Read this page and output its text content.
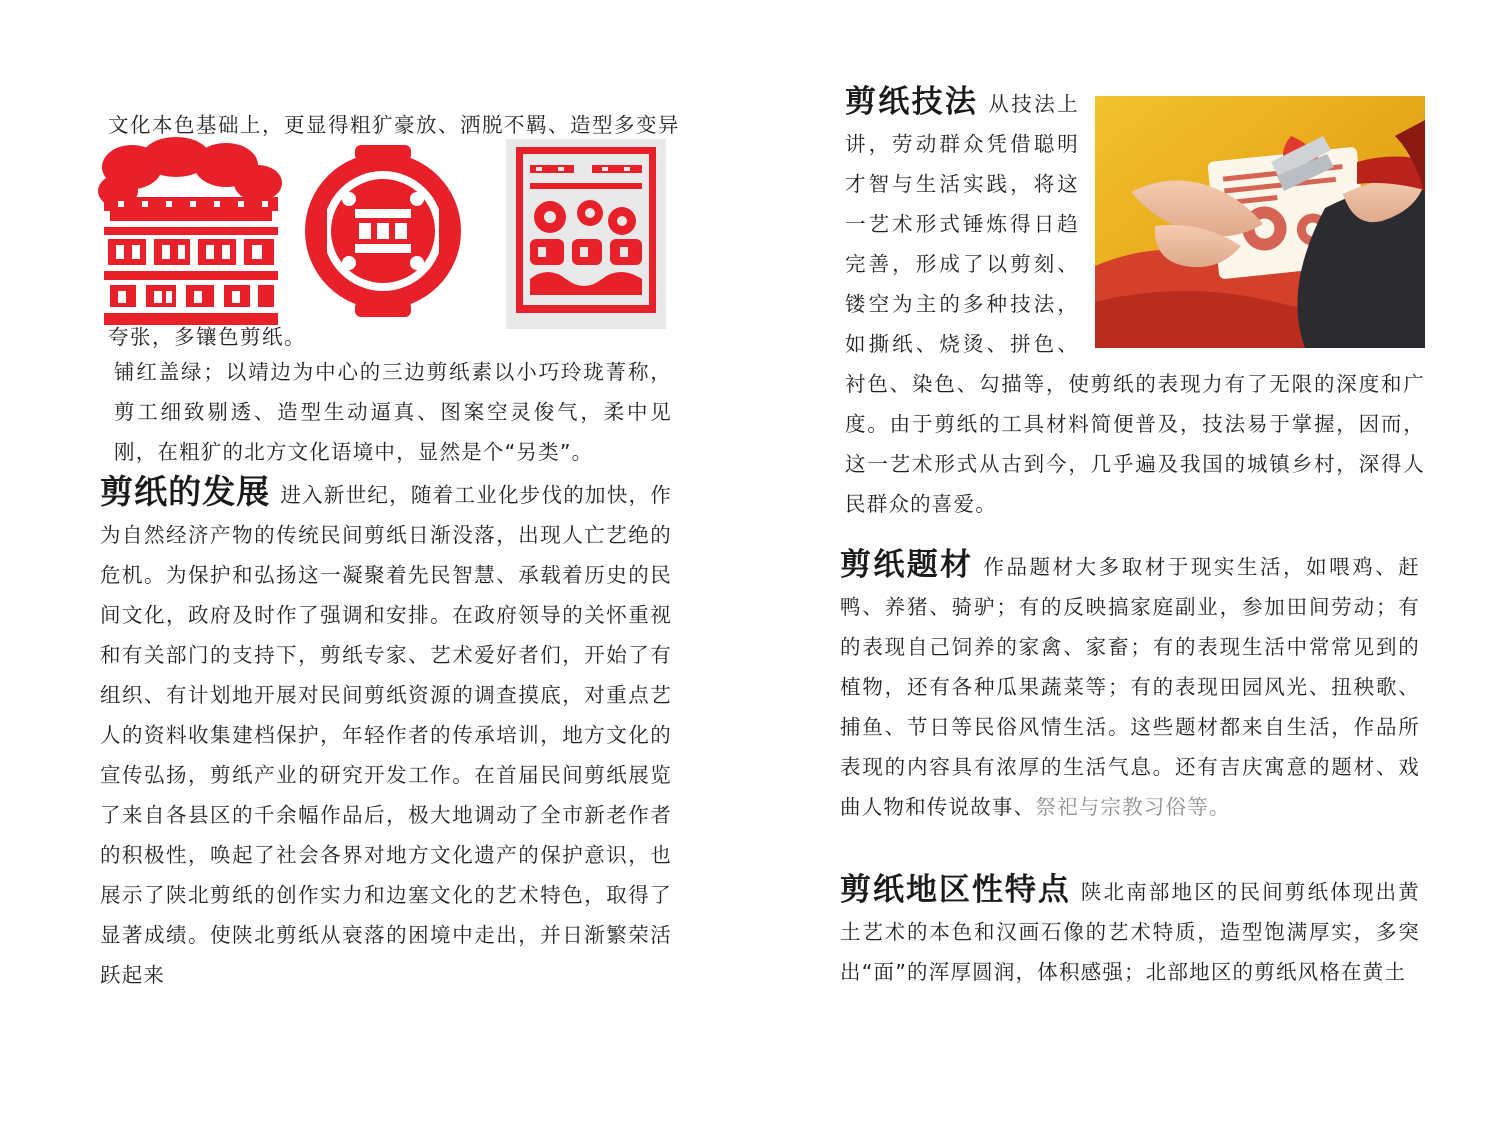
文化本色基础上，更显得粗犷豪放、洒脱不羁、造型多变异
夸张，多镶色剪纸。

铺红盖绿；以靖边为中心的三边剪纸素以小巧玲珑菁称，剪工细致剔透、造型生动逼真、图案空灵俊气，柔中见刚，在粗犷的北方文化语境中，显然是个“另类”。

剪纸的发展 进入新世纪，随着工业化步伐的加快，作为自然经济产物的传统民间剪纸日渐没落，出现人亡艺绝的危机。为保护和弘扬这一凝聚着先民智慧、承载着历史的民间文化，政府及时作了强调和安排。在政府领导的关怀重视和有关部门的支持下，剪纸专家、艺术爱好者们，开始了有组织、有计划地开展对民间剪纸资源的调查摸底，对重点艺人的资料收集建档保护，年轻作者的传承培训，地方文化的宣传弘扬，剪纸产业的研究开发工作。在首届民间剪纸展览了来自各县区的千余幅作品后，极大地调动了全市新老作者的积极性，唤起了社会各界对地方文化遗产的保护意识，也展示了陕北剪纸的创作实力和边塞文化的艺术特色，取得了显著成绩。使陕北剪纸从衰落的困境中走出，并日渐繁荣活跃起来

剪纸技法 从技法上讲，劳动群众凭借聪明才智与生活实践，将这一艺术形式锤炼得日趋完善，形成了以剪刻、镂空为主的多种技法，如撕纸、烧烫、拼色、衬色、染色、勾描等，使剪纸的表现力有了无限的深度和广度。由于剪纸的工具材料简便普及，技法易于掌握，因而，这一艺术形式从古到今，几乎遍及我国的城镇乡村，深得人民群众的喜爱。

剪纸题材 作品题材大多取材于现实生活，如喂鸡、赶鸭、养猪、骑驴；有的反映搞家庭副业，参加田间劳动；有的表现自己饲养的家禽、家畜；有的表现生活中常常见到的植物，还有各种瓜果蔬菜等；有的表现田园风光、扭秧歌、捕鱼、节日等民俗风情生活。这些题材都来自生活，作品所表现的内容具有浓厚的生活气息。还有吉庆寓意的题材、戏曲人物和传说故事、祭祀与宗教习俗等。

剪纸地区性特点 陕北南部地区的民间剪纸体现出黄土艺术的本色和汉画石像的艺术特质，造型饱满厚实，多突出“面”的浑厚圆润，体积感强；北部地区的剪纸风格在黄土
